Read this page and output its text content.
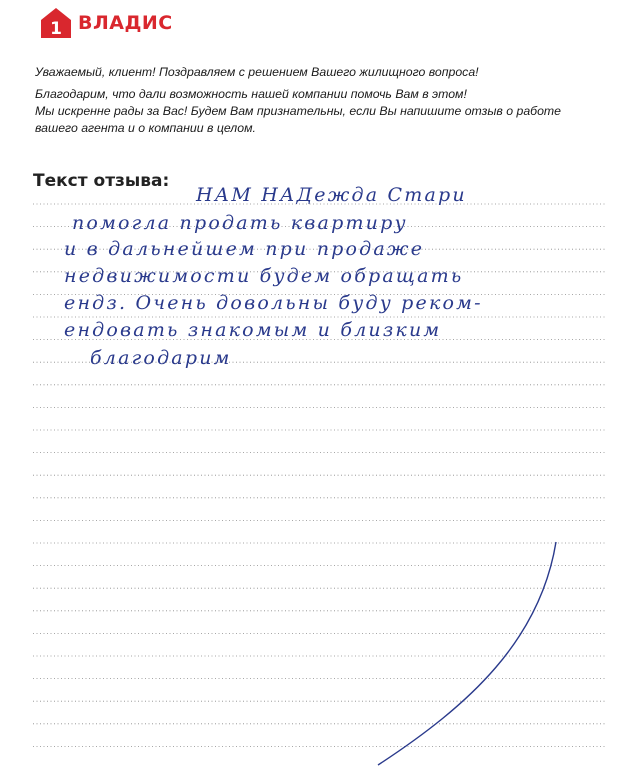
1 ВЛАДИС

Уважаемый, клиент! Поздравляем с решением Вашего жилищного вопроса!

Благодарим, что дали возможность нашей компании помочь Вам в этом!

Мы искренне рады за Вас! Будем Вам признательны, если Вы напишите отзыв о работе

вашего агента и о компании в целом.

Текст отзыва:
НАМ НАДежда Стари
помогла продать квартиру
и в дальнейшем при продаже
недвижимости будем обращать
ендз. Очень довольны буду реком-
ендовать знакомым и близким
благодарим
